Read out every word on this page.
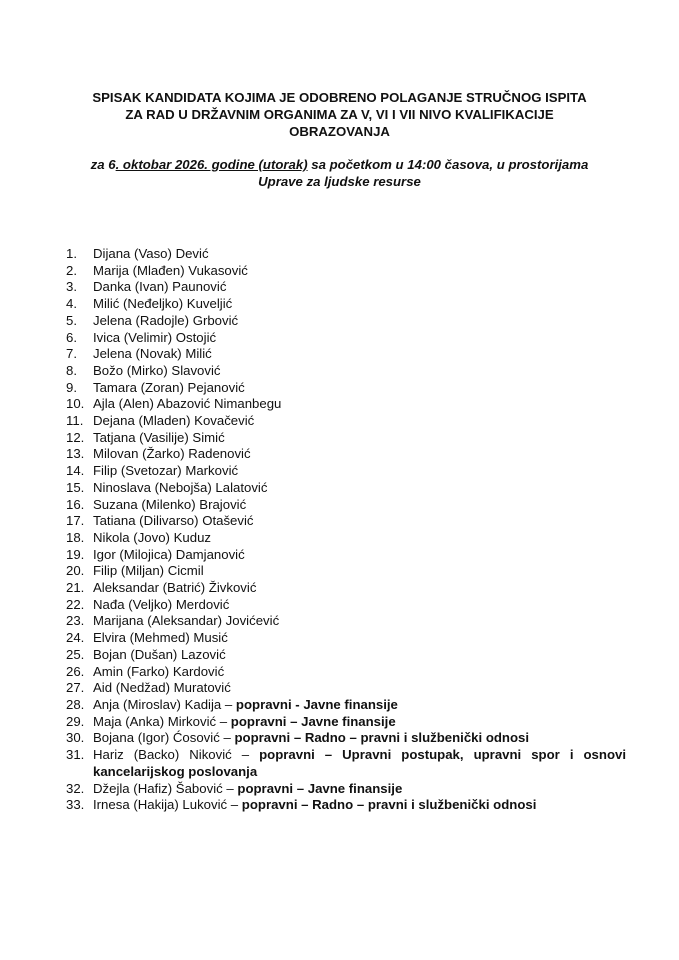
SPISAK KANDIDATA KOJIMA JE ODOBRENO POLAGANJE STRUČNOG ISPITA
ZA RAD U DRŽAVNIM ORGANIMA ZA V, VI I VII NIVO KVALIFIKACIJE
OBRAZOVANJA
za 6. oktobar 2026. godine (utorak) sa početkom u 14:00 časova, u prostorijama
Uprave za ljudske resurse
1.	Dijana (Vaso) Dević
2.	Marija (Mlađen) Vukasović
3.	Danka (Ivan) Paunović
4.	Milić (Neđeljko) Kuveljić
5.	Jelena (Radojle) Grbović
6.	Ivica (Velimir) Ostojić
7.	Jelena (Novak) Milić
8.	Božo (Mirko) Slavović
9.	Tamara (Zoran) Pejanović
10. Ajla (Alen) Abazović Nimanbegu
11. Dejana (Mladen) Kovačević
12. Tatjana (Vasilije) Simić
13. Milovan (Žarko) Radenović
14. Filip (Svetozar) Marković
15. Ninoslava (Nebojša) Lalatović
16. Suzana (Milenko) Brajović
17. Tatiana (Dilivarso) Otašević
18. Nikola (Jovo) Kuduz
19. Igor (Milojica) Damjanović
20. Filip (Miljan) Cicmil
21. Aleksandar (Batrić) Živković
22. Nađa (Veljko) Merdović
23. Marijana (Aleksandar) Jovićević
24. Elvira (Mehmed) Musić
25. Bojan (Dušan) Lazović
26. Amin (Farko) Kardović
27. Aid (Nedžad) Muratović
28. Anja (Miroslav) Kadija – popravni - Javne finansije
29. Maja (Anka) Mirković – popravni – Javne finansije
30. Bojana (Igor) Ćosović – popravni – Radno – pravni i službenički odnosi
31. Hariz (Backo) Niković – popravni – Upravni postupak, upravni spor i osnovi kancelarijskog poslovanja
32. Džejla (Hafiz) Šabović – popravni – Javne finansije
33. Irnesa (Hakija) Luković – popravni – Radno – pravni i službenički odnosi
